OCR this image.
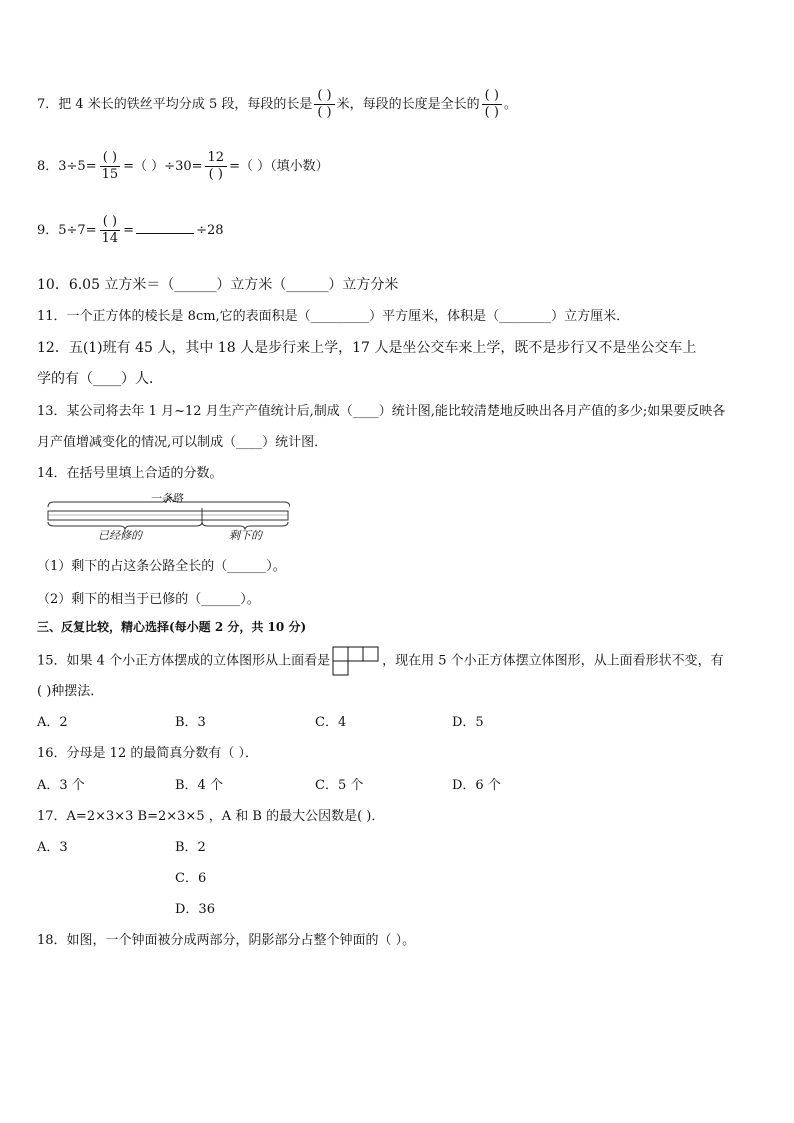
7．把 4 米长的铁丝平均分成 5 段，每段的长是 $\frac{( )}{( )}$ 米，每段的长度是全长的 $\frac{( )}{( )}$ 。
8．$3\div 5= \frac{( )}{15}$ =（ ）$\div 30= \frac{12}{( )}$ =（ ）（填小数）
9．$5\div 7= \frac{( )}{14}$ =	÷28
10．6.05 立方米＝（______）立方米（______）立方分米
11．一个正方体的棱长是 8cm,它的表面积是（_________）平方厘米，体积是（________）立方厘米．
12．五(1)班有 45 人，其中 18 人是步行来上学，17 人是坐公交车来上学，既不是步行又不是坐公交车上
学的有（____）人．
13．某公司将去年 1 月~12 月生产产值统计后,制成（____）统计图,能比较清楚地反映出各月产值的多少;如果要反映各
月产值增减变化的情况,可以制成（____）统计图．
14．在括号里填上合适的分数。
一条路
已经修的	剩下的
（1）剩下的占这条公路全长的（______）。
（2）剩下的相当于已修的（______）。
三、反复比较，精心选择(每小题 2 分，共 10 分)
15．如果 4 个小正方体摆成的立体图形从上面看是	，现在用 5 个小正方体摆立体图形，从上面看形状不变，有
( )种摆法．
A．2	B．3	C．4	D．5
16．分母是 12 的最简真分数有（ ）．
A．3 个	B．4 个	C．5 个	D．6 个
17．A=2×3×3 B=2×3×5 ，A 和 B 的最大公因数是( )．
A．3	B．2
C．6
D．36
18．如图，一个钟面被分成两部分，阴影部分占整个钟面的（ ）。
